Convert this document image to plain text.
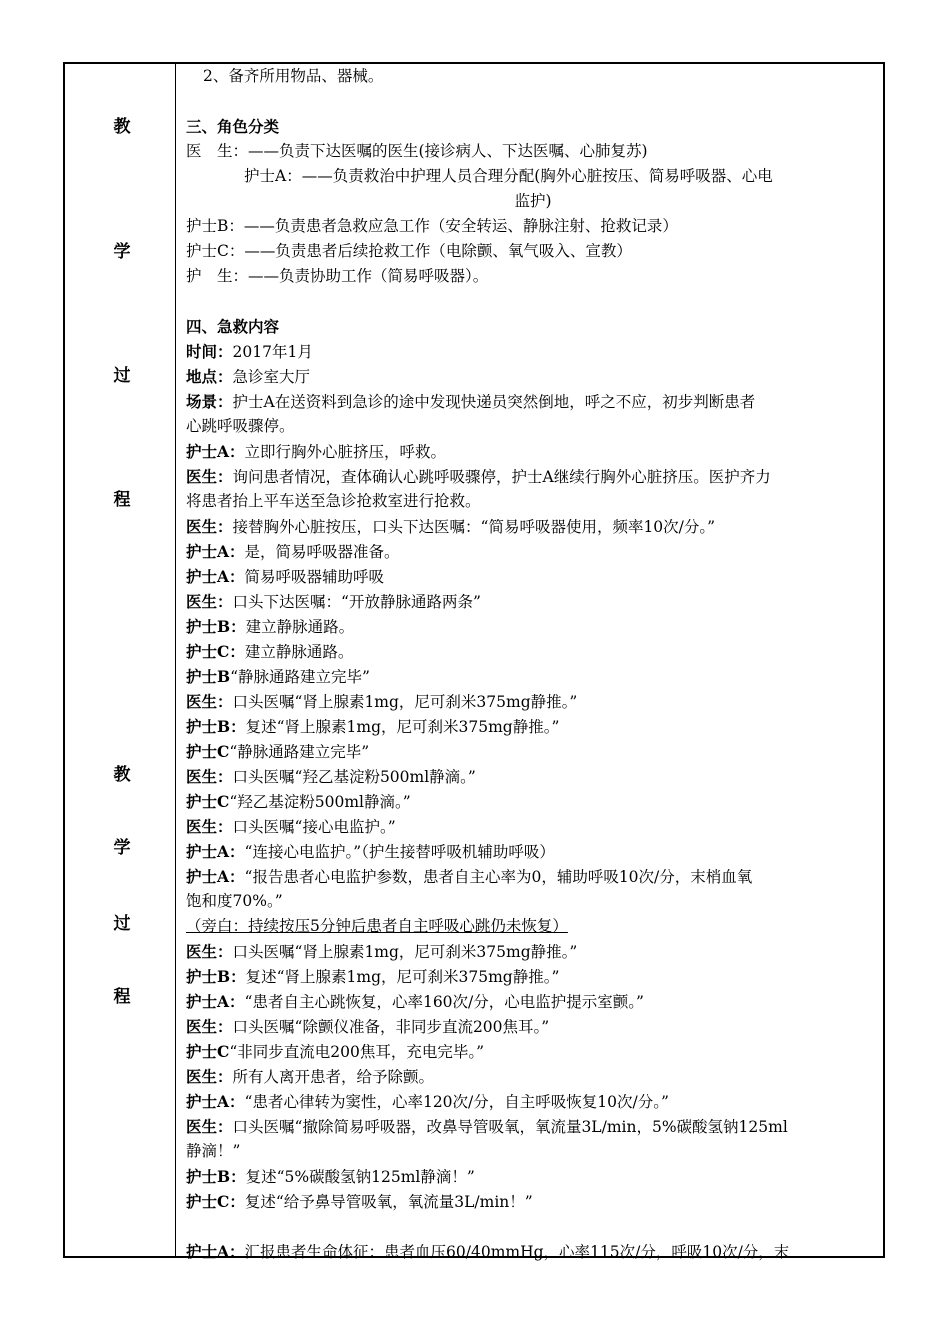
教
学
过
程
教
学
过
程
2、备齐所用物品、器械。
三、角色分类
医　生：——负责下达医嘱的医生(接诊病人、下达医嘱、心肺复苏)
护士A：——负责救治中护理人员合理分配(胸外心脏按压、简易呼吸器、心电
监护)
护士B：——负责患者急救应急工作（安全转运、静脉注射、抢救记录）
护士C：——负责患者后续抢救工作（电除颤、氧气吸入、宣教）
护　生：——负责协助工作（简易呼吸器）。
四、急救内容
时间：2017年1月
地点：急诊室大厅
场景：护士A在送资料到急诊的途中发现快递员突然倒地，呼之不应，初步判断患者
心跳呼吸骤停。
护士A：立即行胸外心脏挤压，呼救。
医生：询问患者情况，查体确认心跳呼吸骤停，护士A继续行胸外心脏挤压。医护齐力
将患者抬上平车送至急诊抢救室进行抢救。
医生：接替胸外心脏按压，口头下达医嘱：“简易呼吸器使用，频率10次/分。”
护士A：是，简易呼吸器准备。
护士A：简易呼吸器辅助呼吸
医生：口头下达医嘱：“开放静脉通路两条”
护士B：建立静脉通路。
护士C：建立静脉通路。
护士B“静脉通路建立完毕”
医生：口头医嘱“肾上腺素1mg，尼可刹米375mg静推。”
护士B：复述“肾上腺素1mg，尼可刹米375mg静推。”
护士C“静脉通路建立完毕”
医生：口头医嘱“羟乙基淀粉500ml静滴。”
护士C“羟乙基淀粉500ml静滴。”
医生：口头医嘱“接心电监护。”
护士A：“连接心电监护。”（护生接替呼吸机辅助呼吸）
护士A：“报告患者心电监护参数，患者自主心率为0，辅助呼吸10次/分，末梢血氧
饱和度70%。”
（旁白：持续按压5分钟后患者自主呼吸心跳仍未恢复）
医生：口头医嘱“肾上腺素1mg，尼可刹米375mg静推。”
护士B：复述“肾上腺素1mg，尼可刹米375mg静推。”
护士A：“患者自主心跳恢复，心率160次/分，心电监护提示室颤。”
医生：口头医嘱“除颤仪准备，非同步直流200焦耳。”
护士C“非同步直流电200焦耳，充电完毕。”
医生：所有人离开患者，给予除颤。
护士A：“患者心律转为窦性，心率120次/分，自主呼吸恢复10次/分。”
医生：口头医嘱“撤除简易呼吸器，改鼻导管吸氧，氧流量3L/min，5%碳酸氢钠125ml
静滴！”
护士B：复述“5%碳酸氢钠125ml静滴！”
护士C：复述“给予鼻导管吸氧，氧流量3L/min！”
护士A：汇报患者生命体征：患者血压60/40mmHg，心率115次/分，呼吸10次/分，末
